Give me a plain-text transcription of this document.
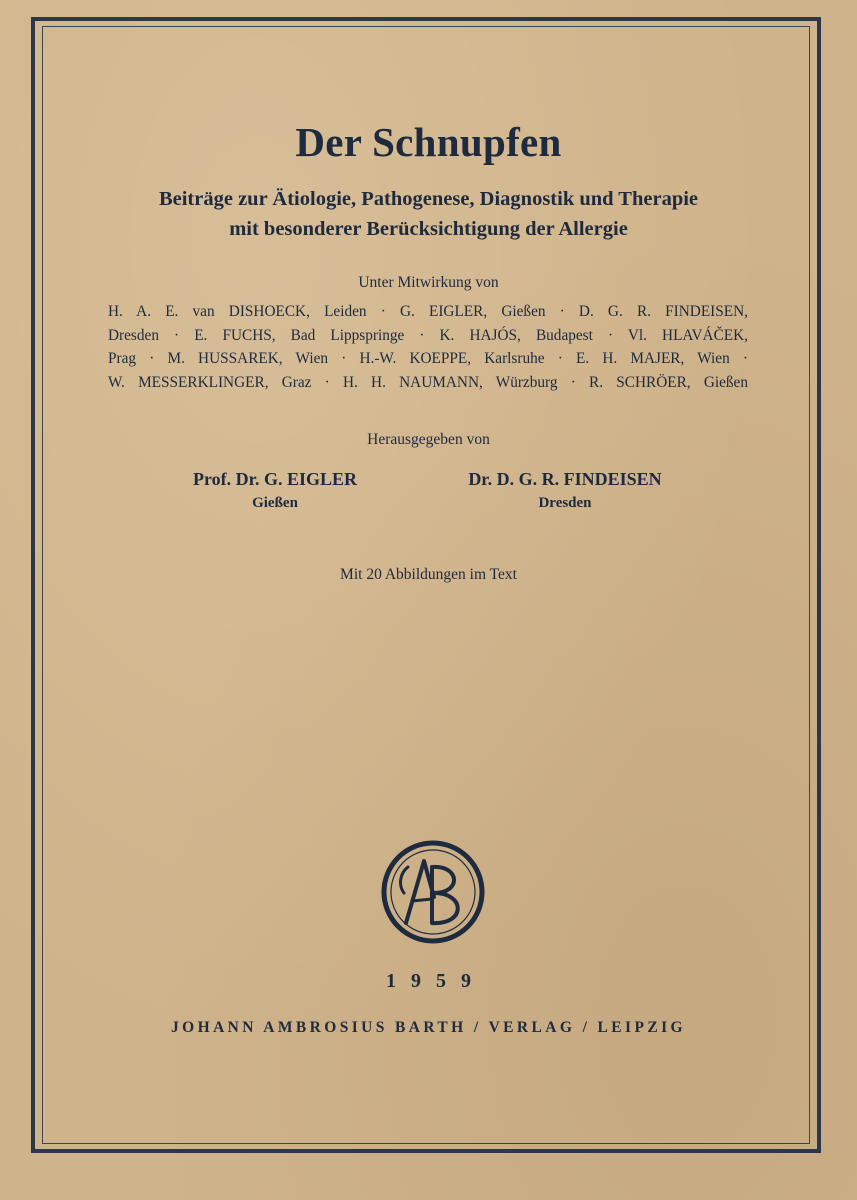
Der Schnupfen
Beiträge zur Ätiologie, Pathogenese, Diagnostik und Therapie
mit besonderer Berücksichtigung der Allergie
Unter Mitwirkung von
H. A. E. van DISHOECK, Leiden · G. EIGLER, Gießen · D. G. R. FINDEISEN,
Dresden · E. FUCHS, Bad Lippspringe · K. HAJÓS, Budapest · Vl. HLAVÁČEK,
Prag · M. HUSSAREK, Wien · H.-W. KOEPPE, Karlsruhe · E. H. MAJER, Wien ·
W. MESSERKLINGER, Graz · H. H. NAUMANN, Würzburg · R. SCHRÖER, Gießen
Herausgegeben von
Prof. Dr. G. EIGLER
Gießen
Dr. D. G. R. FINDEISEN
Dresden
Mit 20 Abbildungen im Text
1959
JOHANN AMBROSIUS BARTH / VERLAG / LEIPZIG
